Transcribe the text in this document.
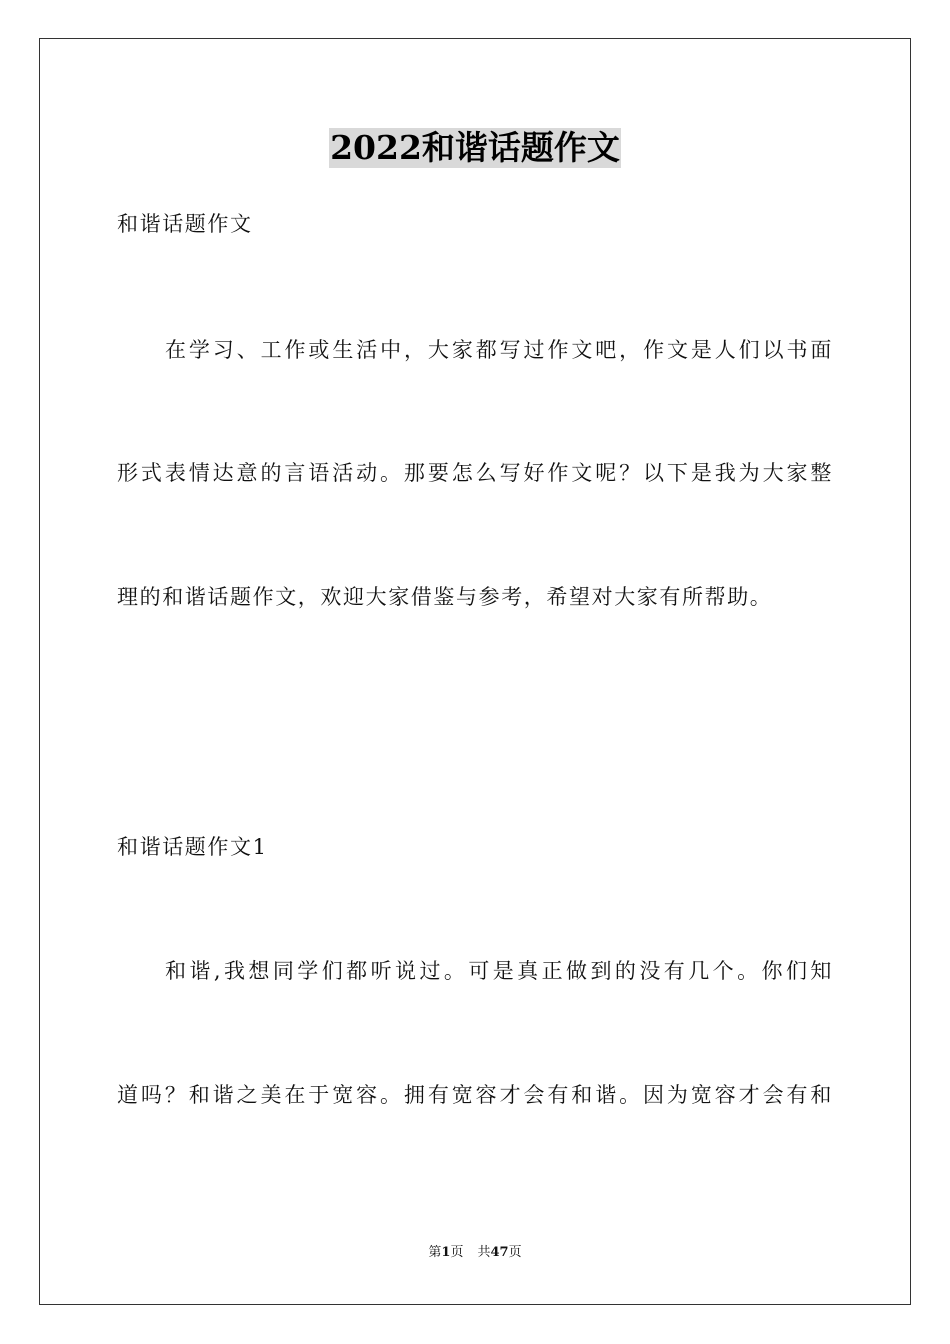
2022和谐话题作文
和谐话题作文
在学习、工作或生活中，大家都写过作文吧，作文是人们以书面
形式表情达意的言语活动。那要怎么写好作文呢？以下是我为大家整
理的和谐话题作文，欢迎大家借鉴与参考，希望对大家有所帮助。
和谐话题作文1
和谐,我想同学们都听说过。可是真正做到的没有几个。你们知
道吗？和谐之美在于宽容。拥有宽容才会有和谐。因为宽容才会有和
第1页 共47页
